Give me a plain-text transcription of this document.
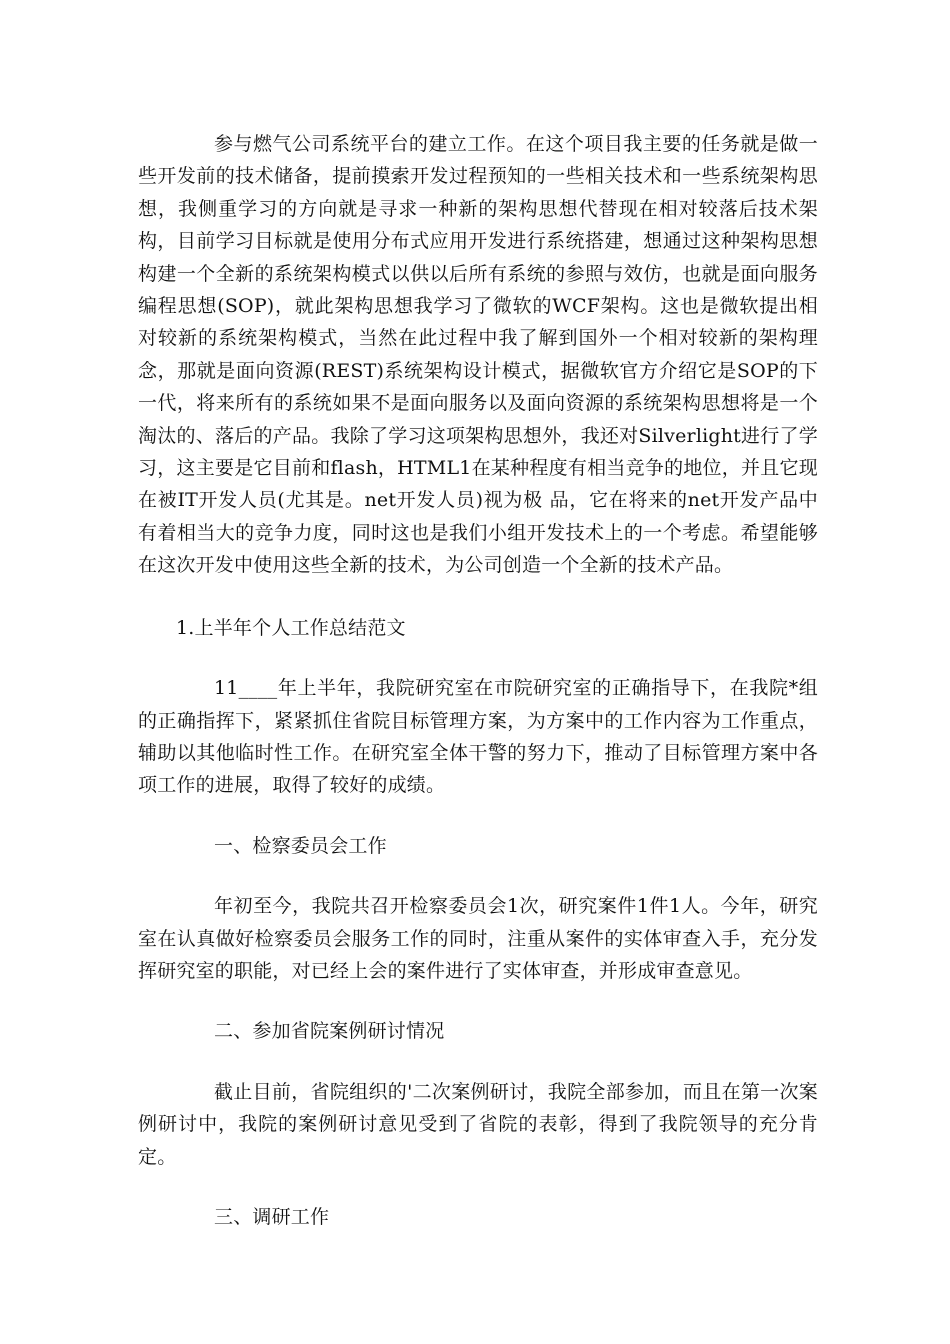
参与燃气公司系统平台的建立工作。在这个项目我主要的任务就是做一些开发前的技术储备，提前摸索开发过程预知的一些相关技术和一些系统架构思想，我侧重学习的方向就是寻求一种新的架构思想代替现在相对较落后技术架构，目前学习目标就是使用分布式应用开发进行系统搭建，想通过这种架构思想构建一个全新的系统架构模式以供以后所有系统的参照与效仿，也就是面向服务编程思想(SOP)，就此架构思想我学习了微软的WCF架构。这也是微软提出相对较新的系统架构模式，当然在此过程中我了解到国外一个相对较新的架构理念，那就是面向资源(REST)系统架构设计模式，据微软官方介绍它是SOP的下一代，将来所有的系统如果不是面向服务以及面向资源的系统架构思想将是一个淘汰的、落后的产品。我除了学习这项架构思想外，我还对Silverlight进行了学习，这主要是它目前和flash，HTML1在某种程度有相当竞争的地位，并且它现在被IT开发人员(尤其是。net开发人员)视为极 品，它在将来的net开发产品中有着相当大的竞争力度，同时这也是我们小组开发技术上的一个考虑。希望能够在这次开发中使用这些全新的技术，为公司创造一个全新的技术产品。

1.上半年个人工作总结范文

11____年上半年，我院研究室在市院研究室的正确指导下，在我院*组的正确指挥下，紧紧抓住省院目标管理方案，为方案中的工作内容为工作重点，辅助以其他临时性工作。在研究室全体干警的努力下，推动了目标管理方案中各项工作的进展，取得了较好的成绩。

一、检察委员会工作

年初至今，我院共召开检察委员会1次，研究案件1件1人。今年，研究室在认真做好检察委员会服务工作的同时，注重从案件的实体审查入手，充分发挥研究室的职能，对已经上会的案件进行了实体审查，并形成审查意见。

二、参加省院案例研讨情况

截止目前，省院组织的'二次案例研讨，我院全部参加，而且在第一次案例研讨中，我院的案例研讨意见受到了省院的表彰，得到了我院领导的充分肯定。

三、调研工作
